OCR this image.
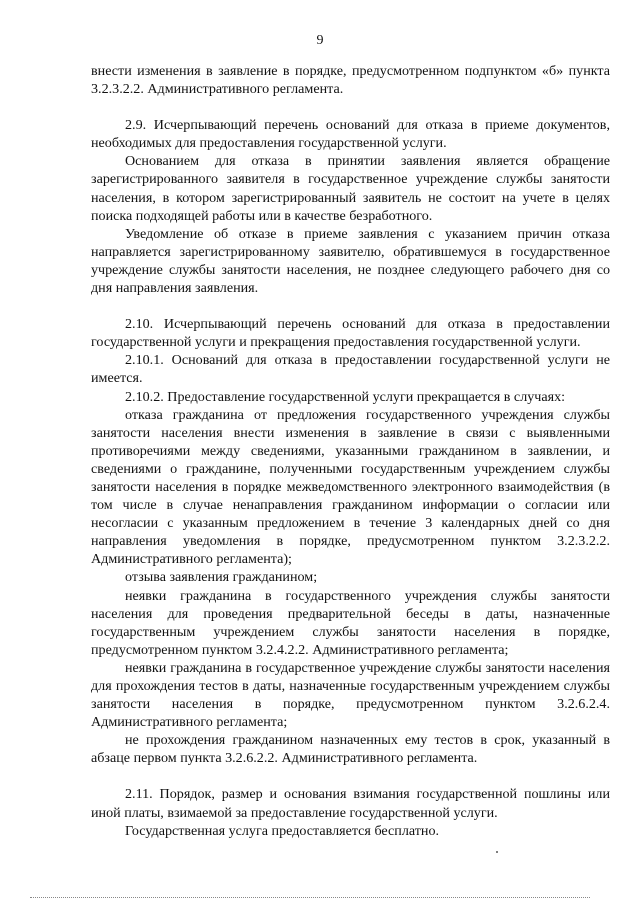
9

внести изменения в заявление в порядке, предусмотренном подпунктом «б» пункта 3.2.3.2.2. Административного регламента.

2.9. Исчерпывающий перечень оснований для отказа в приеме документов, необходимых для предоставления государственной услуги.

Основанием для отказа в принятии заявления является обращение зарегистрированного заявителя в государственное учреждение службы занятости населения, в котором зарегистрированный заявитель не состоит на учете в целях поиска подходящей работы или в качестве безработного.

Уведомление об отказе в приеме заявления с указанием причин отказа направляется зарегистрированному заявителю, обратившемуся в государственное учреждение службы занятости населения, не позднее следующего рабочего дня со дня направления заявления.

2.10. Исчерпывающий перечень оснований для отказа в предоставлении государственной услуги и прекращения предоставления государственной услуги.

2.10.1. Оснований для отказа в предоставлении государственной услуги не имеется.

2.10.2. Предоставление государственной услуги прекращается в случаях:

отказа гражданина от предложения государственного учреждения службы занятости населения внести изменения в заявление в связи с выявленными противоречиями между сведениями, указанными гражданином в заявлении, и сведениями о гражданине, полученными государственным учреждением службы занятости населения в порядке межведомственного электронного взаимодействия (в том числе в случае ненаправления гражданином информации о согласии или несогласии с указанным предложением в течение 3 календарных дней со дня направления уведомления в порядке, предусмотренном пунктом 3.2.3.2.2. Административного регламента);

отзыва заявления гражданином;

неявки гражданина в государственного учреждения службы занятости населения для проведения предварительной беседы в даты, назначенные государственным учреждением службы занятости населения в порядке, предусмотренном пунктом 3.2.4.2.2. Административного регламента;

неявки гражданина в государственное учреждение службы занятости населения для прохождения тестов в даты, назначенные государственным учреждением службы занятости населения в порядке, предусмотренном пунктом 3.2.6.2.4. Административного регламента;

не прохождения гражданином назначенных ему тестов в срок, указанный в абзаце первом пункта 3.2.6.2.2. Административного регламента.

2.11. Порядок, размер и основания взимания государственной пошлины или иной платы, взимаемой за предоставление государственной услуги.

Государственная услуга предоставляется бесплатно.
